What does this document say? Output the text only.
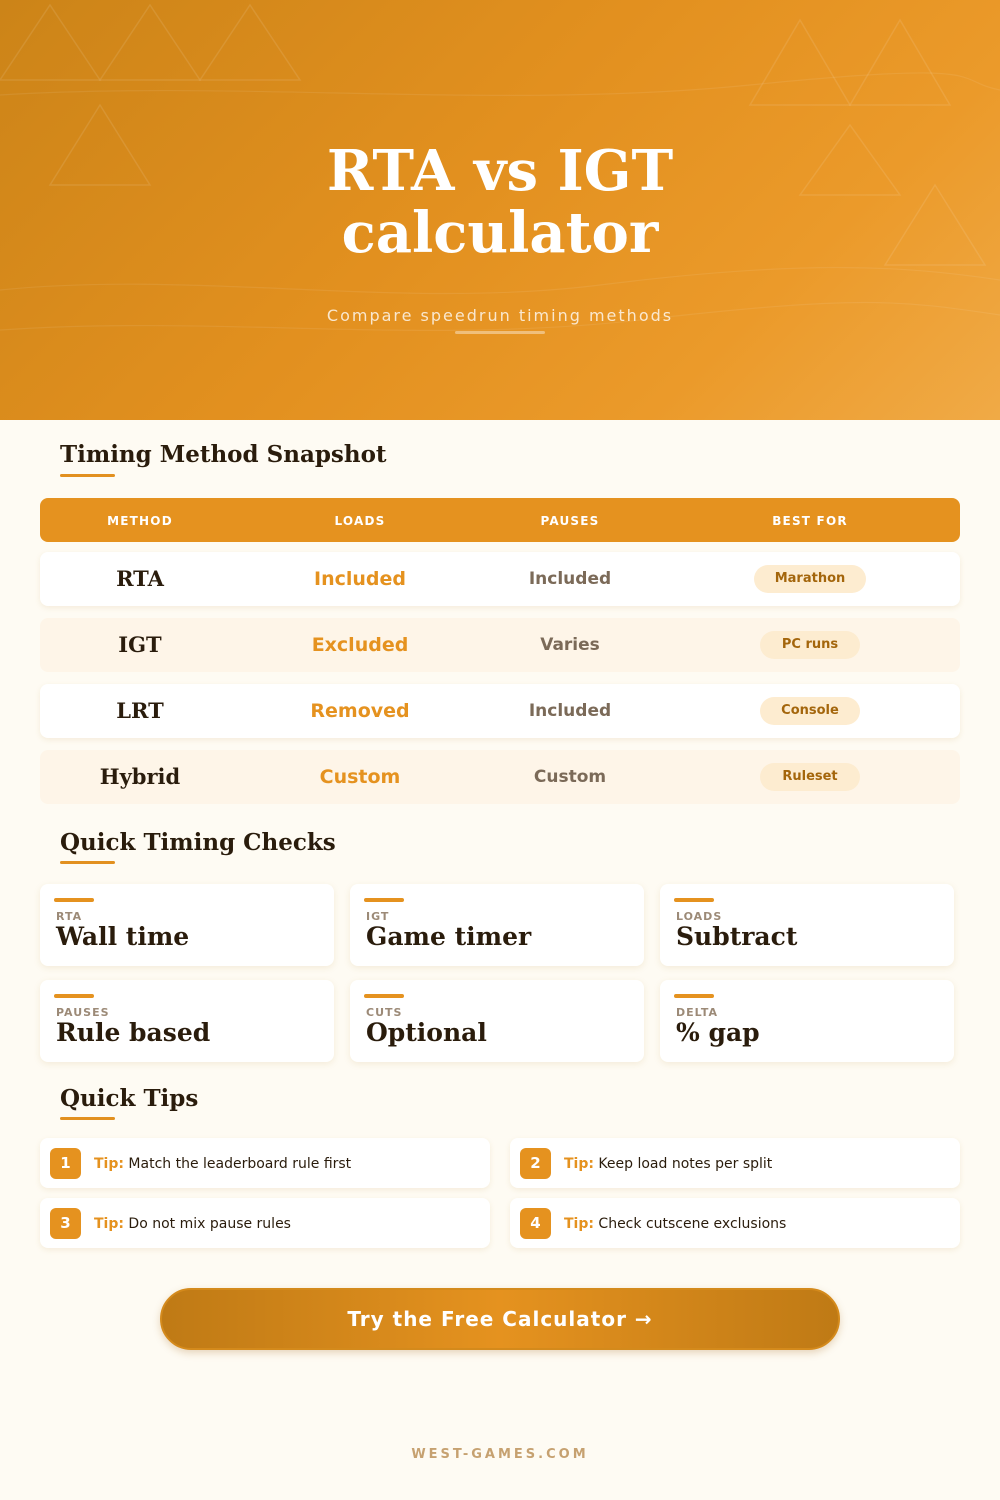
RTA vs IGT
calculator
Compare speedrun timing methods
Timing Method Snapshot
METHOD	LOADS	PAUSES	BEST FOR
RTA	Included	Included	Marathon
IGT	Excluded	Varies	PC runs
LRT	Removed	Included	Console
Hybrid	Custom	Custom	Ruleset
Quick Timing Checks
RTA
Wall time
IGT
Game timer
LOADS
Subtract
PAUSES
Rule based
CUTS
Optional
DELTA
% gap
Quick Tips
1	Tip: Match the leaderboard rule first	2	Tip: Keep load notes per split
3	Tip: Do not mix pause rules	4	Tip: Check cutscene exclusions
Try the Free Calculator →
WEST-GAMES.COM
